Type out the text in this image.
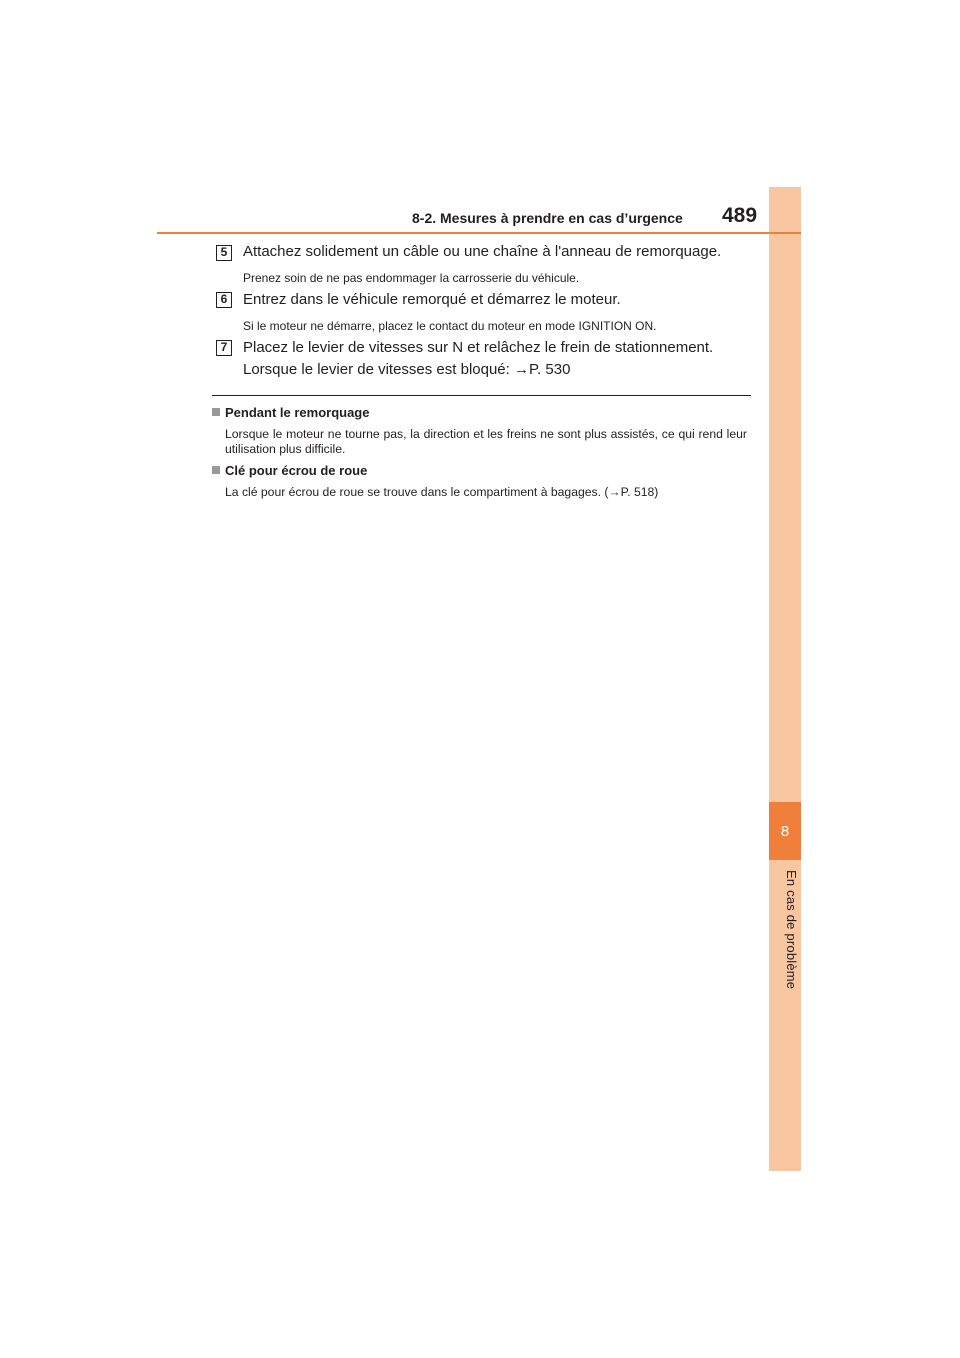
8
En cas de problème
8-2. Mesures à prendre en cas d’urgence 489
5	Attachez solidement un câble ou une chaîne à l'anneau de remorquage.
Prenez soin de ne pas endommager la carrosserie du véhicule.
6	Entrez dans le véhicule remorqué et démarrez le moteur.
Si le moteur ne démarre, placez le contact du moteur en mode IGNITION ON.
7	Placez le levier de vitesses sur N et relâchez le frein de stationnement.
Lorsque le levier de vitesses est bloqué: →P. 530
Pendant le remorquage
Lorsque le moteur ne tourne pas, la direction et les freins ne sont plus assistés, ce qui rend leur utilisation plus difficile.
Clé pour écrou de roue
La clé pour écrou de roue se trouve dans le compartiment à bagages. (→P. 518)
